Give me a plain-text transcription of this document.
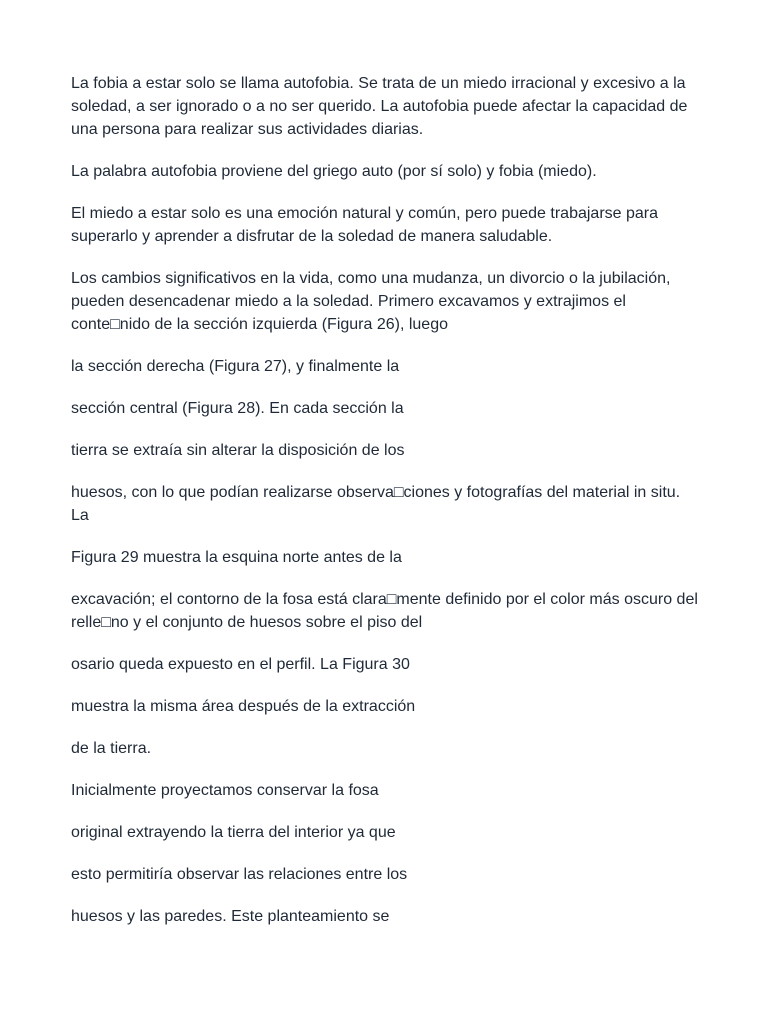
La fobia a estar solo se llama autofobia. Se trata de un miedo irracional y excesivo a la soledad, a ser ignorado o a no ser querido. La autofobia puede afectar la capacidad de una persona para realizar sus actividades diarias.

La palabra autofobia proviene del griego auto (por sí solo) y fobia (miedo).

El miedo a estar solo es una emoción natural y común, pero puede trabajarse para superarlo y aprender a disfrutar de la soledad de manera saludable.

Los cambios significativos en la vida, como una mudanza, un divorcio o la jubilación, pueden desencadenar miedo a la soledad. Primero excavamos y extrajimos el conte□nido de la sección izquierda (Figura 26), luego

la sección derecha (Figura 27), y finalmente la

sección central (Figura 28). En cada sección la

tierra se extraía sin alterar la disposición de los

huesos, con lo que podían realizarse observa□ciones y fotografías del material in situ. La

Figura 29 muestra la esquina norte antes de la

excavación; el contorno de la fosa está clara□mente definido por el color más oscuro del relle□no y el conjunto de huesos sobre el piso del

osario queda expuesto en el perfil. La Figura 30

muestra la misma área después de la extracción

de la tierra.

Inicialmente proyectamos conservar la fosa

original extrayendo la tierra del interior ya que

esto permitiría observar las relaciones entre los

huesos y las paredes. Este planteamiento se
